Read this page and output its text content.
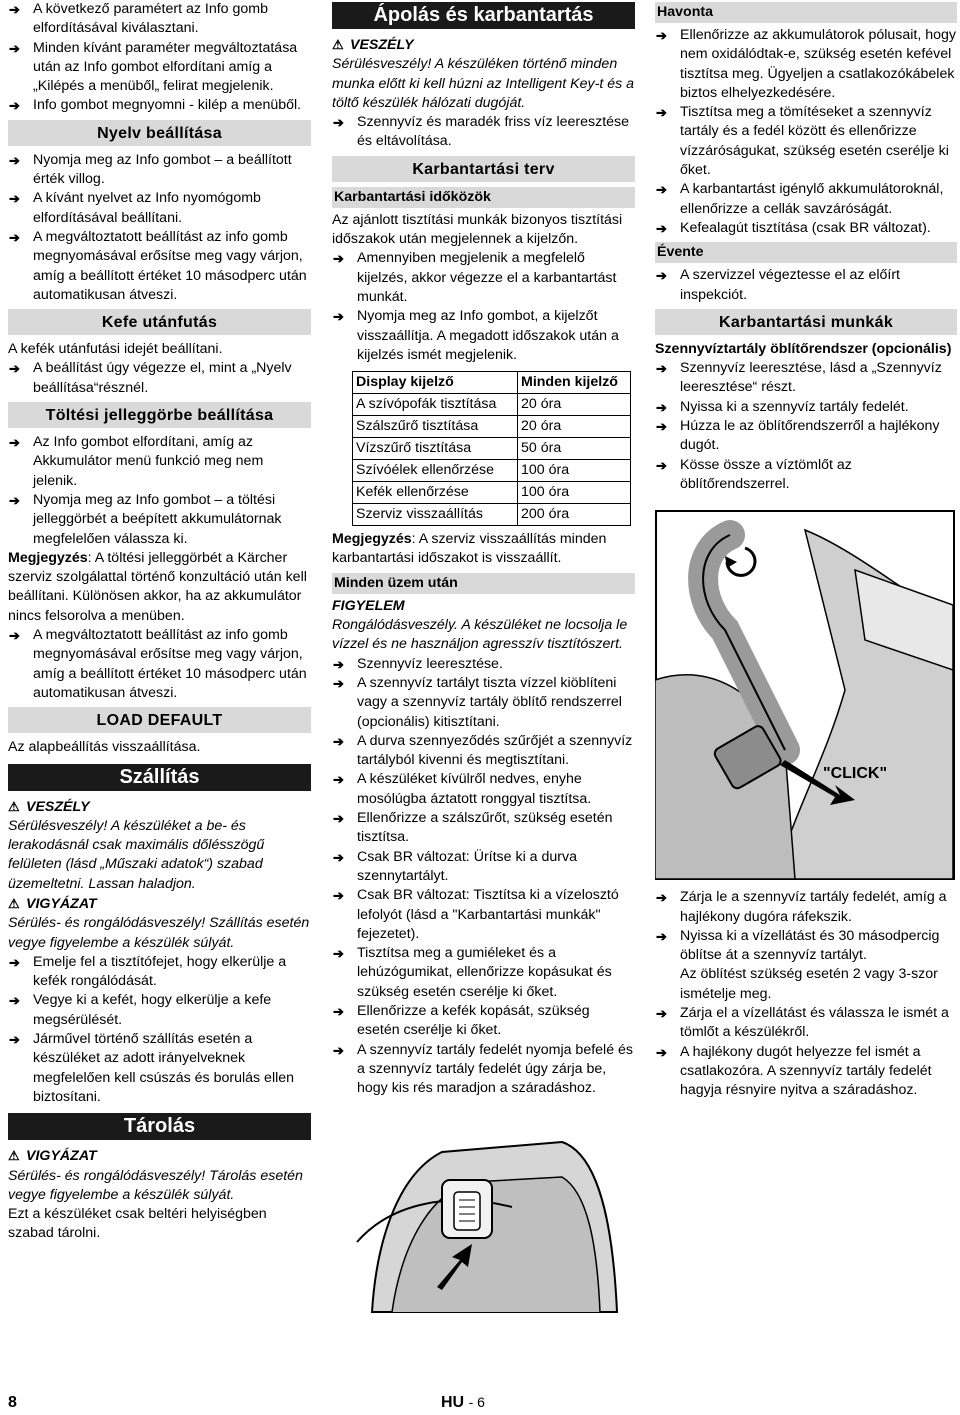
➔ A következő paramétert az Info gomb elfordításával kiválasztani.

➔ Minden kívánt paraméter megváltoztatása után az Info gombot elfordítani amíg a „Kilépés a menüből„ felirat megjelenik.

➔ Info gombot megnyomni - kilép a menüből.

Nyelv beállítása

➔ Nyomja meg az Info gombot – a beállított érték villog.

➔ A kívánt nyelvet az Info nyomógomb elfordításával beállítani.

➔ A megváltoztatott beállítást az info gomb megnyomásával erősítse meg vagy várjon, amíg a beállított értéket 10 másodperc után automatikusan átveszi.

Kefe utánfutás

A kefék utánfutási idejét beállítani.

➔ A beállítást úgy végezze el, mint a „Nyelv beállítása“résznél.

Töltési jelleggörbe beállítása

➔ Az Info gombot elfordítani, amíg az Akkumulátor menü funkció meg nem jelenik.

➔ Nyomja meg az Info gombot – a töltési jelleggörbét a beépített akkumulátornak megfelelően válassza ki.

Megjegyzés: A töltési jelleggörbét a Kärcher szerviz szolgálattal történő konzultáció után kell beállítani. Különösen akkor, ha az akkumulátor nincs felsorolva a menüben.

➔ A megváltoztatott beállítást az info gomb megnyomásával erősítse meg vagy várjon, amíg a beállított értéket 10 másodperc után automatikusan átveszi.

LOAD DEFAULT

Az alapbeállítás visszaállítása.

Szállítás

⚠ VESZÉLY

Sérülésveszély! A készüléket a be- és lerakodásnál csak maximális dőlésszögű felületen (lásd „Műszaki adatok“) szabad üzemeltetni. Lassan haladjon.

⚠ VIGYÁZAT

Sérülés- és rongálódásveszély! Szállítás esetén vegye figyelembe a készülék súlyát.

➔ Emelje fel a tisztítófejet, hogy elkerülje a kefék rongálódását.

➔ Vegye ki a kefét, hogy elkerülje a kefe megsérülését.

➔ Járművel történő szállítás esetén a készüléket az adott irányelveknek megfelelően kell csúszás és borulás ellen biztosítani.

Tárolás

⚠ VIGYÁZAT

Sérülés- és rongálódásveszély! Tárolás esetén vegye figyelembe a készülék súlyát.

Ezt a készüléket csak beltéri helyiségben szabad tárolni.

Ápolás és karbantartás

⚠ VESZÉLY

Sérülésveszély! A készüléken történő minden munka előtt ki kell húzni az Intelligent Key-t és a töltő készülék hálózati dugóját.

➔ Szennyvíz és maradék friss víz leeresztése és eltávolítása.

Karbantartási terv
Karbantartási időközök

Az ajánlott tisztítási munkák bizonyos tisztítási időszakok után megjelennek a kijelzőn.

➔ Amennyiben megjelenik a megfelelő kijelzés, akkor végezze el a karbantartást munkát.

➔ Nyomja meg az Info gombot, a kijelzőt visszaállítja. A megadott időszakok után a kijelzés ismét megjelenik.

Display kijelző	Minden kijelző
A szívópofák tisztítása	20 óra
Szálszűrő tisztítása	20 óra
Vízszűrő tisztítása	50 óra
Szívóélek ellenőrzése	100 óra
Kefék ellenőrzése	100 óra
Szerviz visszaállítás	200 óra

Megjegyzés: A szerviz visszaállítás minden karbantartási időszakot is visszaállít.

Minden üzem után

FIGYELEM

Rongálódásveszély. A készüléket ne locsolja le vízzel és ne használjon agresszív tisztítószert.

➔ Szennyvíz leeresztése.

➔ A szennyvíz tartályt tiszta vízzel kiöblíteni vagy a szennyvíz tartály öblítő rendszerrel (opcionális) kitisztítani.

➔ A durva szennyeződés szűrőjét a szennyvíz tartályból kivenni és megtisztítani.

➔ A készüléket kívülről nedves, enyhe mosólúgba áztatott ronggyal tisztítsa.

➔ Ellenőrizze a szálszűrőt, szükség esetén tisztítsa.

➔ Csak BR változat: Ürítse ki a durva szennytartályt.

➔ Csak BR változat: Tisztítsa ki a vízelosztó lefolyót (lásd a "Karbantartási munkák" fejezetet).

➔ Tisztítsa meg a gumiéleket és a lehúzógumikat, ellenőrizze kopásukat és szükség esetén cserélje ki őket.

➔ Ellenőrizze a kefék kopását, szükség esetén cserélje ki őket.

➔ A szennyvíz tartály fedelét nyomja befelé és a szennyvíz tartály fedelét úgy zárja be, hogy kis rés maradjon a száradáshoz.

Havonta

➔ Ellenőrizze az akkumulátorok pólusait, hogy nem oxidálódtak-e, szükség esetén kefével tisztítsa meg. Ügyeljen a csatlakozókábelek biztos elhelyezkedésére.

➔ Tisztítsa meg a tömítéseket a szennyvíz tartály és a fedél között és ellenőrizze vízzáróságukat, szükség esetén cserélje ki őket.

➔ A karbantartást igénylő akkumulátoroknál, ellenőrizze a cellák savzáróságát.

➔ Kefealagút tisztítása (csak BR változat).

Évente

➔ A szervizzel végeztesse el az előírt inspekciót.

Karbantartási munkák

Szennyvíztartály öblítőrendszer (opcionális)

➔ Szennyvíz leeresztése, lásd a „Szennyvíz leeresztése“ részt.

➔ Nyissa ki a szennyvíz tartály fedelét.

➔ Húzza le az öblítőrendszerről a hajlékony dugót.

➔ Kösse össze a víztömlőt az öblítőrendszerrel.

"CLICK"

➔ Zárja le a szennyvíz tartály fedelét, amíg a hajlékony dugóra ráfekszik.

➔ Nyissa ki a vízellátást és 30 másodpercig öblítse át a szennyvíz tartályt.

Az öblítést szükség esetén 2 vagy 3-szor ismételje meg.

➔ Zárja el a vízellátást és válassza le ismét a tömlőt a készülékről.

➔ A hajlékony dugót helyezze fel ismét a csatlakozóra. A szennyvíz tartály fedelét hagyja résnyire nyitva a száradáshoz.

8	HU - 6
